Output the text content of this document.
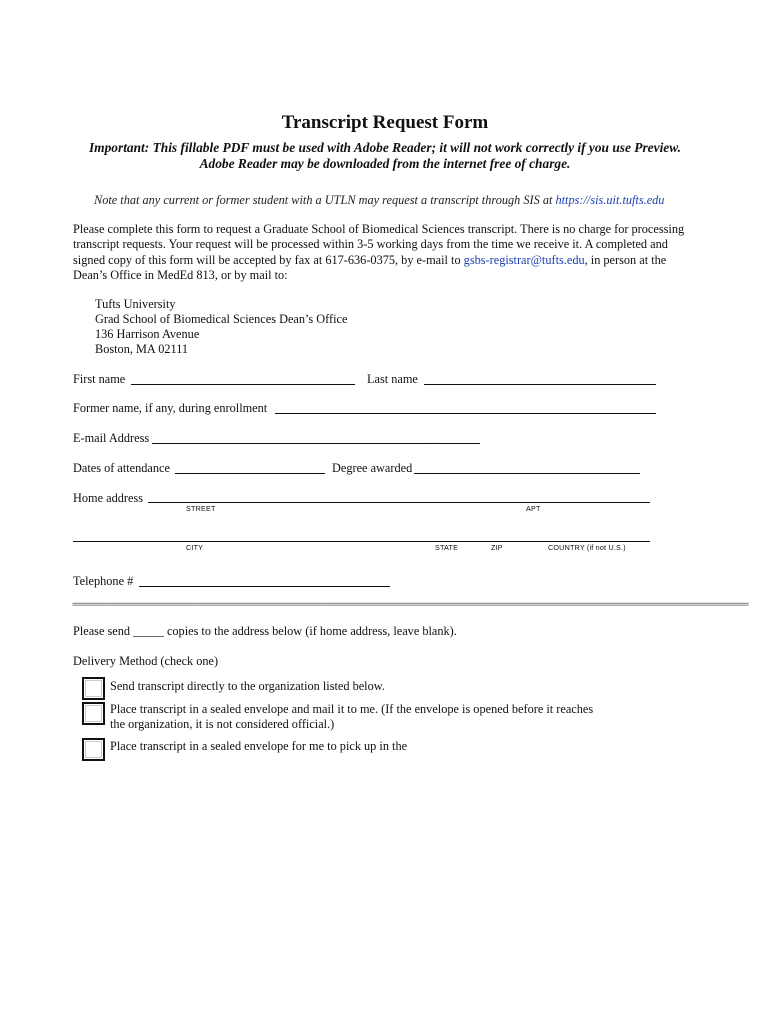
Transcript Request Form
Important: This fillable PDF must be used with Adobe Reader; it will not work correctly if you use Preview.
Adobe Reader may be downloaded from the internet free of charge.
Note that any current or former student with a UTLN may request a transcript through SIS at https://sis.uit.tufts.edu
Please complete this form to request a Graduate School of Biomedical Sciences transcript. There is no charge for processing transcript requests. Your request will be processed within 3-5 working days from the time we receive it. A completed and signed copy of this form will be accepted by fax at 617-636-0375, by e-mail to gsbs-registrar@tufts.edu, in person at the Dean’s Office in MedEd 813, or by mail to:
Tufts University
Grad School of Biomedical Sciences Dean’s Office
136 Harrison Avenue
Boston, MA 02111
First name	Last name
Former name, if any, during enrollment
E-mail Address	_
Dates of attendance	Degree awarded
Home address
STREET	APT
CITY	STATE	ZIP	COUNTRY (if not U.S.)
Telephone #
=========================================================================================================================================================
Please send _____ copies to the address below (if home address, leave blank).
Delivery Method (check one)
Send transcript directly to the organization listed below.
Place transcript in a sealed envelope and mail it to me. (If the envelope is opened before it reaches
the organization, it is not considered official.)
Place transcript in a sealed envelope for me to pick up in the
